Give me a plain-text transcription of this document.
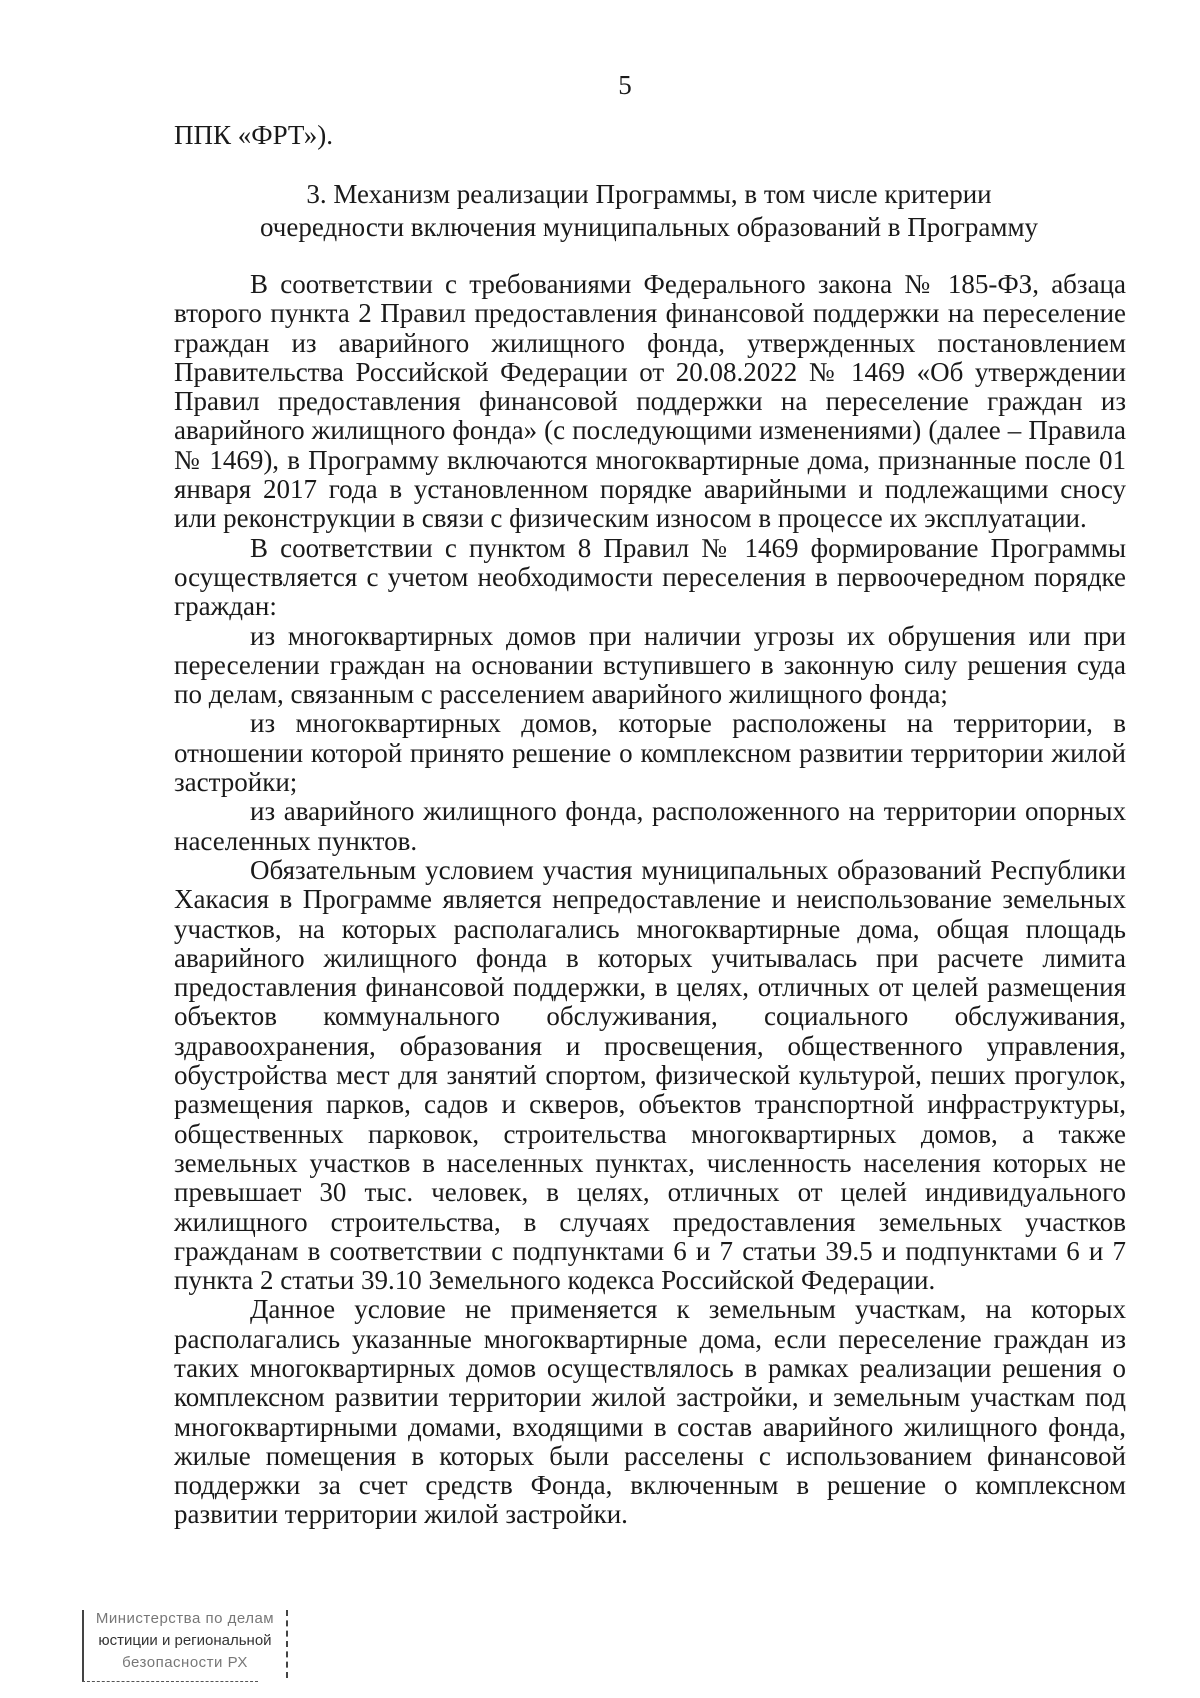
5
ППК «ФРТ»).
3. Механизм реализации Программы, в том числе критерии
очередности включения муниципальных образований в Программу

В соответствии с требованиями Федерального закона № 185-ФЗ, абзаца второго пункта 2 Правил предоставления финансовой поддержки на переселение граждан из аварийного жилищного фонда, утвержденных постановлением Правительства Российской Федерации от 20.08.2022 № 1469 «Об утверждении Правил предоставления финансовой поддержки на переселение граждан из аварийного жилищного фонда» (с последующими изменениями) (далее – Правила № 1469), в Программу включаются многоквартирные дома, признанные после 01 января 2017 года в установленном порядке аварийными и подлежащими сносу или реконструкции в связи с физическим износом в процессе их эксплуатации.

В соответствии с пунктом 8 Правил № 1469 формирование Программы осуществляется с учетом необходимости переселения в первоочередном порядке граждан:

из многоквартирных домов при наличии угрозы их обрушения или при переселении граждан на основании вступившего в законную силу решения суда по делам, связанным с расселением аварийного жилищного фонда;

из многоквартирных домов, которые расположены на территории, в отношении которой принято решение о комплексном развитии территории жилой застройки;

из аварийного жилищного фонда, расположенного на территории опорных населенных пунктов.

Обязательным условием участия муниципальных образований Республики Хакасия в Программе является непредоставление и неиспользование земельных участков, на которых располагались многоквартирные дома, общая площадь аварийного жилищного фонда в которых учитывалась при расчете лимита предоставления финансовой поддержки, в целях, отличных от целей размещения объектов коммунального обслуживания, социального обслуживания, здравоохранения, образования и просвещения, общественного управления, обустройства мест для занятий спортом, физической культурой, пеших прогулок, размещения парков, садов и скверов, объектов транспортной инфраструктуры, общественных парковок, строительства многоквартирных домов, а также земельных участков в населенных пунктах, численность населения которых не превышает 30 тыс. человек, в целях, отличных от целей индивидуального жилищного строительства, в случаях предоставления земельных участков гражданам в соответствии с подпунктами 6 и 7 статьи 39.5 и подпунктами 6 и 7 пункта 2 статьи 39.10 Земельного кодекса Российской Федерации.

Данное условие не применяется к земельным участкам, на которых располагались указанные многоквартирные дома, если переселение граждан из таких многоквартирных домов осуществлялось в рамках реализации решения о комплексном развитии территории жилой застройки, и земельным участкам под многоквартирными домами, входящими в состав аварийного жилищного фонда, жилые помещения в которых были расселены с использованием финансовой поддержки за счет средств Фонда, включенным в решение о комплексном развитии территории жилой застройки.

Министерства по делам
юстиции и региональной
безопасности РХ
